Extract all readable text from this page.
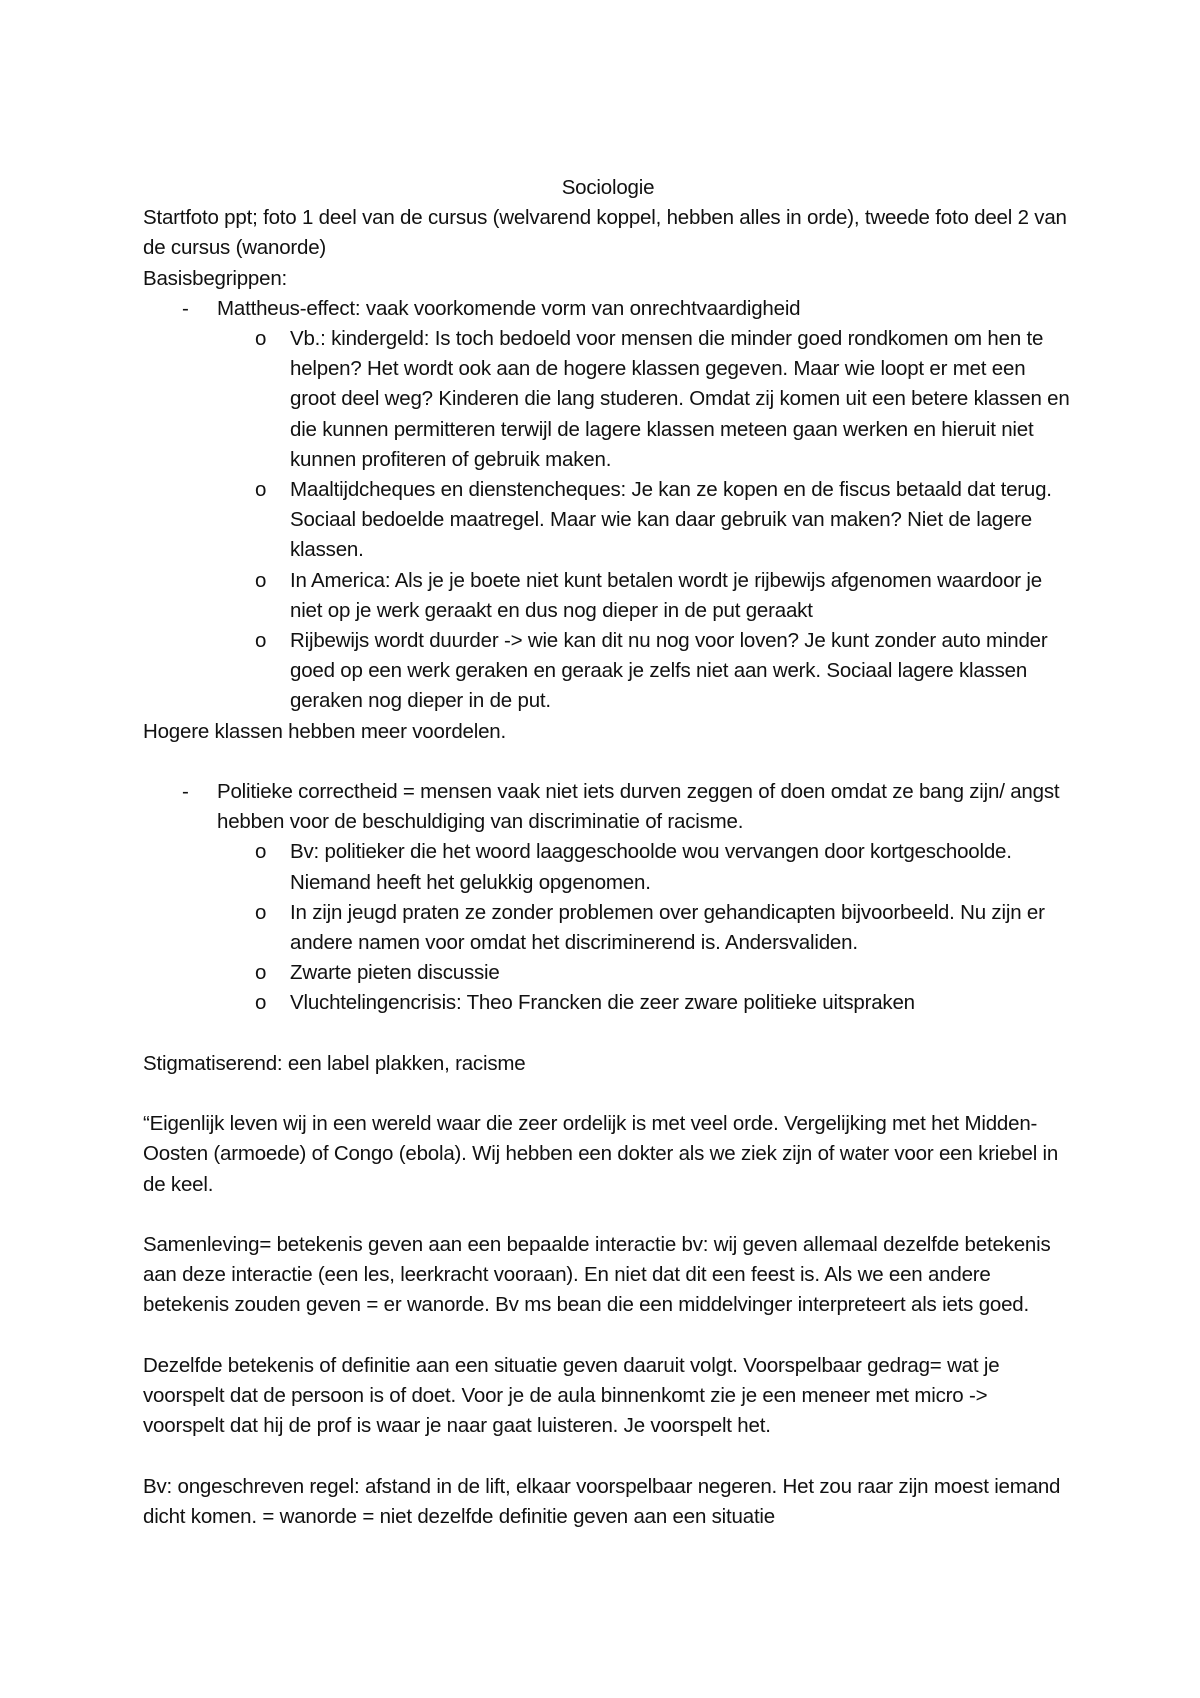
Sociologie

Startfoto ppt; foto 1 deel van de cursus (welvarend koppel, hebben alles in orde), tweede foto deel 2 van de cursus (wanorde)

Basisbegrippen:

- Mattheus-effect: vaak voorkomende vorm van onrechtvaardigheid
o Vb.: kindergeld: Is toch bedoeld voor mensen die minder goed rondkomen om hen te helpen? Het wordt ook aan de hogere klassen gegeven. Maar wie loopt er met een groot deel weg? Kinderen die lang studeren. Omdat zij komen uit een betere klassen en die kunnen permitteren terwijl de lagere klassen meteen gaan werken en hieruit niet kunnen profiteren of gebruik maken.
o Maaltijdcheques en dienstencheques: Je kan ze kopen en de fiscus betaald dat terug. Sociaal bedoelde maatregel. Maar wie kan daar gebruik van maken? Niet de lagere klassen.
o In America: Als je je boete niet kunt betalen wordt je rijbewijs afgenomen waardoor je niet op je werk geraakt en dus nog dieper in de put geraakt
o Rijbewijs wordt duurder -> wie kan dit nu nog voor loven? Je kunt zonder auto minder goed op een werk geraken en geraak je zelfs niet aan werk. Sociaal lagere klassen geraken nog dieper in de put.

Hogere klassen hebben meer voordelen.

- Politieke correctheid = mensen vaak niet iets durven zeggen of doen omdat ze bang zijn/ angst hebben voor de beschuldiging van discriminatie of racisme.
o Bv: politieker die het woord laaggeschoolde wou vervangen door kortgeschoolde. Niemand heeft het gelukkig opgenomen.
o In zijn jeugd praten ze zonder problemen over gehandicapten bijvoorbeeld. Nu zijn er andere namen voor omdat het discriminerend is. Andersvaliden.
o Zwarte pieten discussie
o Vluchtelingencrisis: Theo Francken die zeer zware politieke uitspraken

Stigmatiserend: een label plakken, racisme

“Eigenlijk leven wij in een wereld waar die zeer ordelijk is met veel orde. Vergelijking met het Midden-Oosten (armoede) of Congo (ebola). Wij hebben een dokter als we ziek zijn of water voor een kriebel in de keel.

Samenleving= betekenis geven aan een bepaalde interactie bv: wij geven allemaal dezelfde betekenis aan deze interactie (een les, leerkracht vooraan). En niet dat dit een feest is. Als we een andere betekenis zouden geven = er wanorde. Bv ms bean die een middelvinger interpreteert als iets goed.

Dezelfde betekenis of definitie aan een situatie geven daaruit volgt. Voorspelbaar gedrag= wat je voorspelt dat de persoon is of doet. Voor je de aula binnenkomt zie je een meneer met micro -> voorspelt dat hij de prof is waar je naar gaat luisteren. Je voorspelt het.

Bv: ongeschreven regel: afstand in de lift, elkaar voorspelbaar negeren. Het zou raar zijn moest iemand dicht komen. = wanorde = niet dezelfde definitie geven aan een situatie
